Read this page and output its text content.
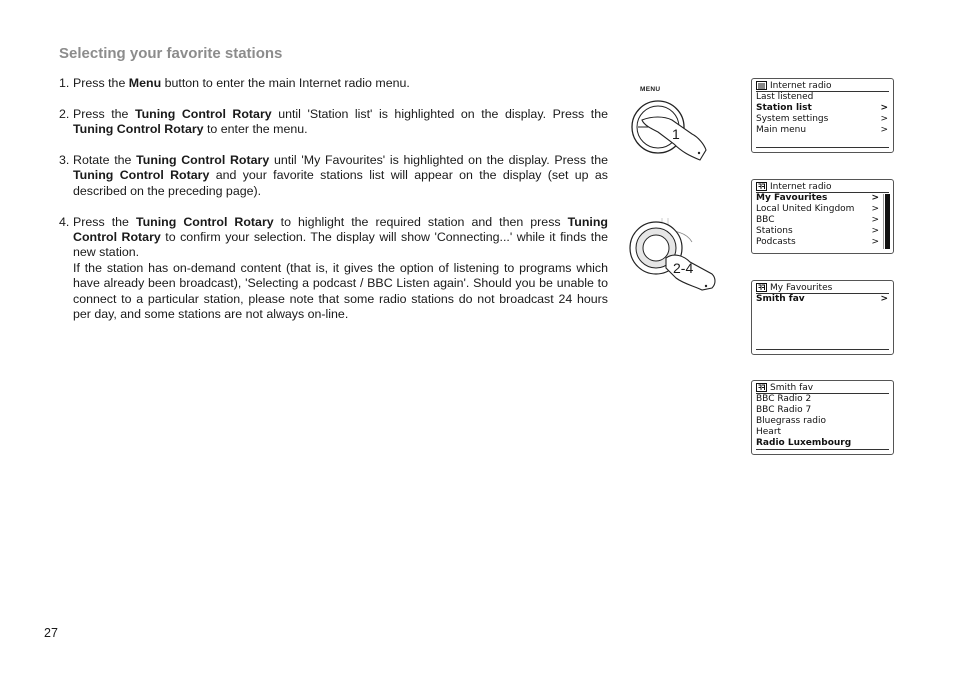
Selecting your favorite stations
1. Press the Menu button to enter the main Internet radio menu.

2. Press the Tuning Control Rotary until 'Station list' is highlighted on the display. Press the Tuning Control Rotary to enter the menu.

3. Rotate the Tuning Control Rotary until 'My Favourites' is highlighted on the display. Press the Tuning Control Rotary and your favorite stations list will appear on the display (set up as described on the preceding page).

4. Press the Tuning Control Rotary to highlight the required station and then press Tuning Control Rotary to confirm your selection. The display will show 'Connecting...' while it finds the new station.

If the station has on-demand content (that is, it gives the option of listening to programs which have already been broadcast), 'Selecting a podcast / BBC Listen again'. Should you be unable to connect to a particular station, please note that some radio stations do not broadcast 24 hours per day, and some stations are not always on-line.

MENU
1
2-4
Internet radio
Last listened
Station list	>
System settings	>
Main menu	>
Internet radio
My Favourites	>
Local United Kingdom >
BBC	>
Stations	>
Podcasts	>
My Favourites
Smith fav	>
Smith fav
BBC Radio 2
BBC Radio 7
Bluegrass radio
Heart
Radio Luxembourg
27
